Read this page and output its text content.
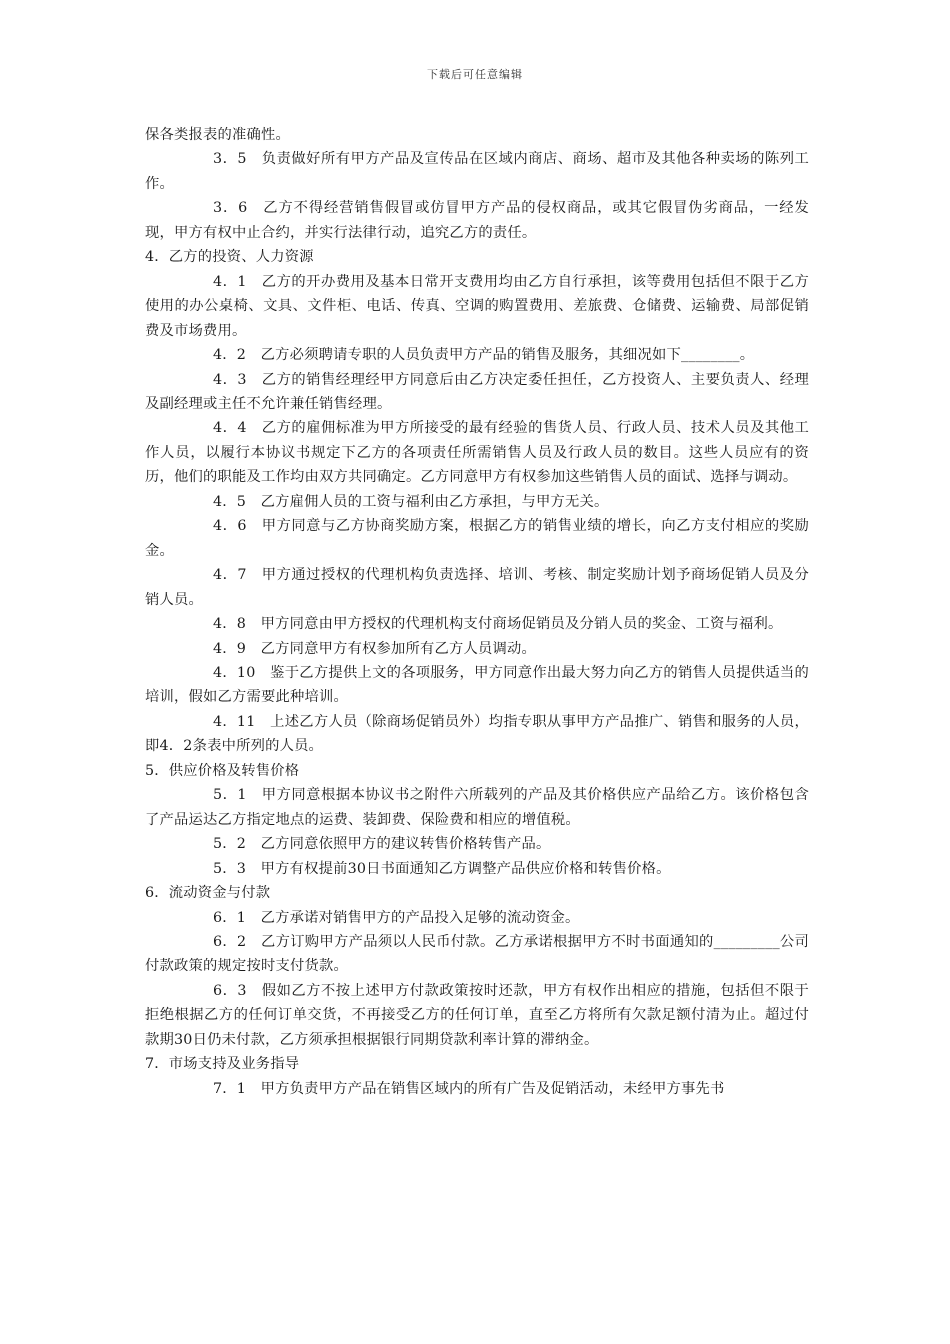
下载后可任意编辑

保各类报表的准确性。

3．5　负责做好所有甲方产品及宣传品在区域内商店、商场、超市及其他各种卖场的陈列工作。

3．6　乙方不得经营销售假冒或仿冒甲方产品的侵权商品，或其它假冒伪劣商品，一经发现，甲方有权中止合约，并实行法律行动，追究乙方的责任。

4．乙方的投资、人力资源

4．1　乙方的开办费用及基本日常开支费用均由乙方自行承担，该等费用包括但不限于乙方使用的办公桌椅、文具、文件柜、电话、传真、空调的购置费用、差旅费、仓储费、运输费、局部促销费及市场费用。

4．2　乙方必须聘请专职的人员负责甲方产品的销售及服务，其细况如下________。

4．3　乙方的销售经理经甲方同意后由乙方决定委任担任，乙方投资人、主要负责人、经理及副经理或主任不允许兼任销售经理。

4．4　乙方的雇佣标准为甲方所接受的最有经验的售货人员、行政人员、技术人员及其他工作人员，以履行本协议书规定下乙方的各项责任所需销售人员及行政人员的数目。这些人员应有的资历，他们的职能及工作均由双方共同确定。乙方同意甲方有权参加这些销售人员的面试、选择与调动。

4．5　乙方雇佣人员的工资与福利由乙方承担，与甲方无关。

4．6　甲方同意与乙方协商奖励方案，根据乙方的销售业绩的增长，向乙方支付相应的奖励金。

4．7　甲方通过授权的代理机构负责选择、培训、考核、制定奖励计划予商场促销人员及分销人员。

4．8　甲方同意由甲方授权的代理机构支付商场促销员及分销人员的奖金、工资与福利。

4．9　乙方同意甲方有权参加所有乙方人员调动。

4．10　鉴于乙方提供上文的各项服务，甲方同意作出最大努力向乙方的销售人员提供适当的培训，假如乙方需要此种培训。

4．11　上述乙方人员（除商场促销员外）均指专职从事甲方产品推广、销售和服务的人员，即4．2条表中所列的人员。

5．供应价格及转售价格

5．1　甲方同意根据本协议书之附件六所载列的产品及其价格供应产品给乙方。该价格包含了产品运达乙方指定地点的运费、装卸费、保险费和相应的增值税。

5．2　乙方同意依照甲方的建议转售价格转售产品。

5．3　甲方有权提前30日书面通知乙方调整产品供应价格和转售价格。

6．流动资金与付款

6．1　乙方承诺对销售甲方的产品投入足够的流动资金。

6．2　乙方订购甲方产品须以人民币付款。乙方承诺根据甲方不时书面通知的_________公司付款政策的规定按时支付货款。

6．3　假如乙方不按上述甲方付款政策按时还款，甲方有权作出相应的措施，包括但不限于拒绝根据乙方的任何订单交货，不再接受乙方的任何订单，直至乙方将所有欠款足额付清为止。超过付款期30日仍未付款，乙方须承担根据银行同期贷款利率计算的滞纳金。

7．市场支持及业务指导

7．1　甲方负责甲方产品在销售区域内的所有广告及促销活动，未经甲方事先书
